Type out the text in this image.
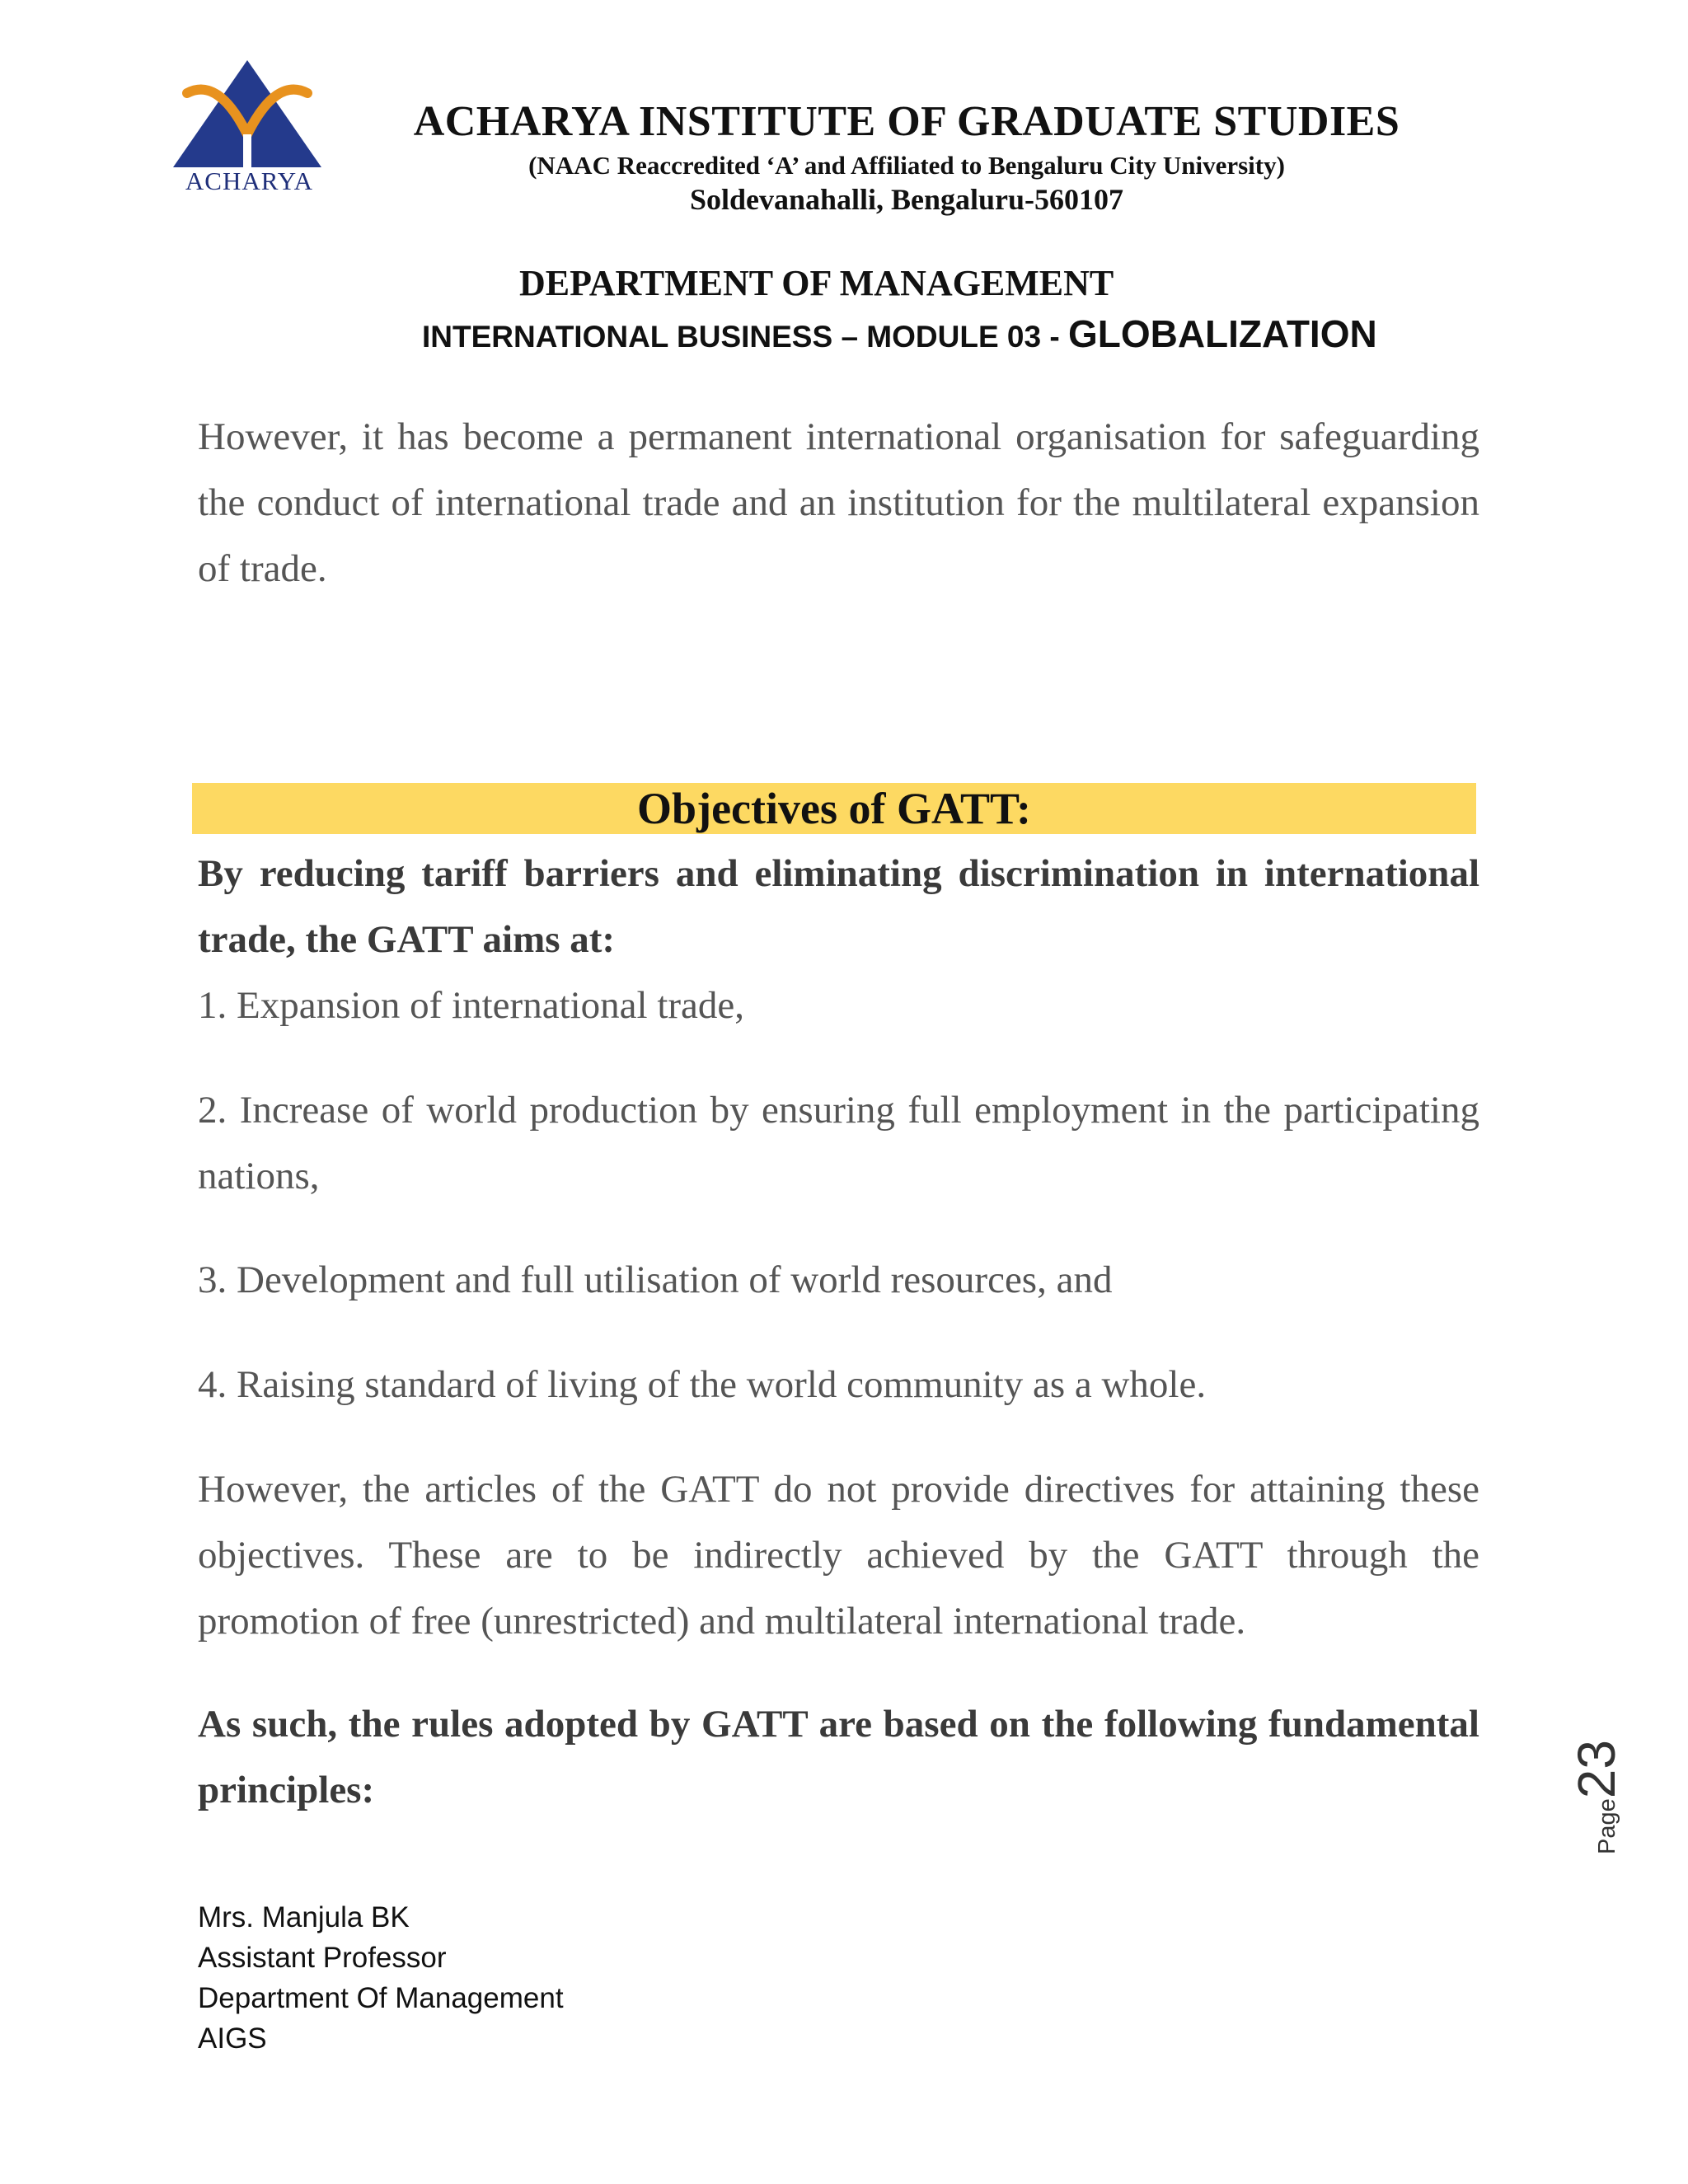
ACHARYA
ACHARYA INSTITUTE OF GRADUATE STUDIES
(NAAC Reaccredited ‘A’ and Affiliated to Bengaluru City University)
Soldevanahalli, Bengaluru-560107
DEPARTMENT OF MANAGEMENT
INTERNATIONAL BUSINESS – MODULE 03 - GLOBALIZATION

However, it has become a permanent international organisation for safeguarding the conduct of international trade and an institution for the multilateral expansion of trade.

Objectives of GATT:

By reducing tariff barriers and eliminating discrimination in international trade, the GATT aims at:

1. Expansion of international trade,

2. Increase of world production by ensuring full employment in the participating nations,

3. Development and full utilisation of world resources, and

4. Raising standard of living of the world community as a whole.

However, the articles of the GATT do not provide directives for attaining these objectives. These are to be indirectly achieved by the GATT through the promotion of free (unrestricted) and multilateral international trade.

As such, the rules adopted by GATT are based on the following fundamental principles:

Page23
Mrs. Manjula BK
Assistant Professor
Department Of Management
AIGS
